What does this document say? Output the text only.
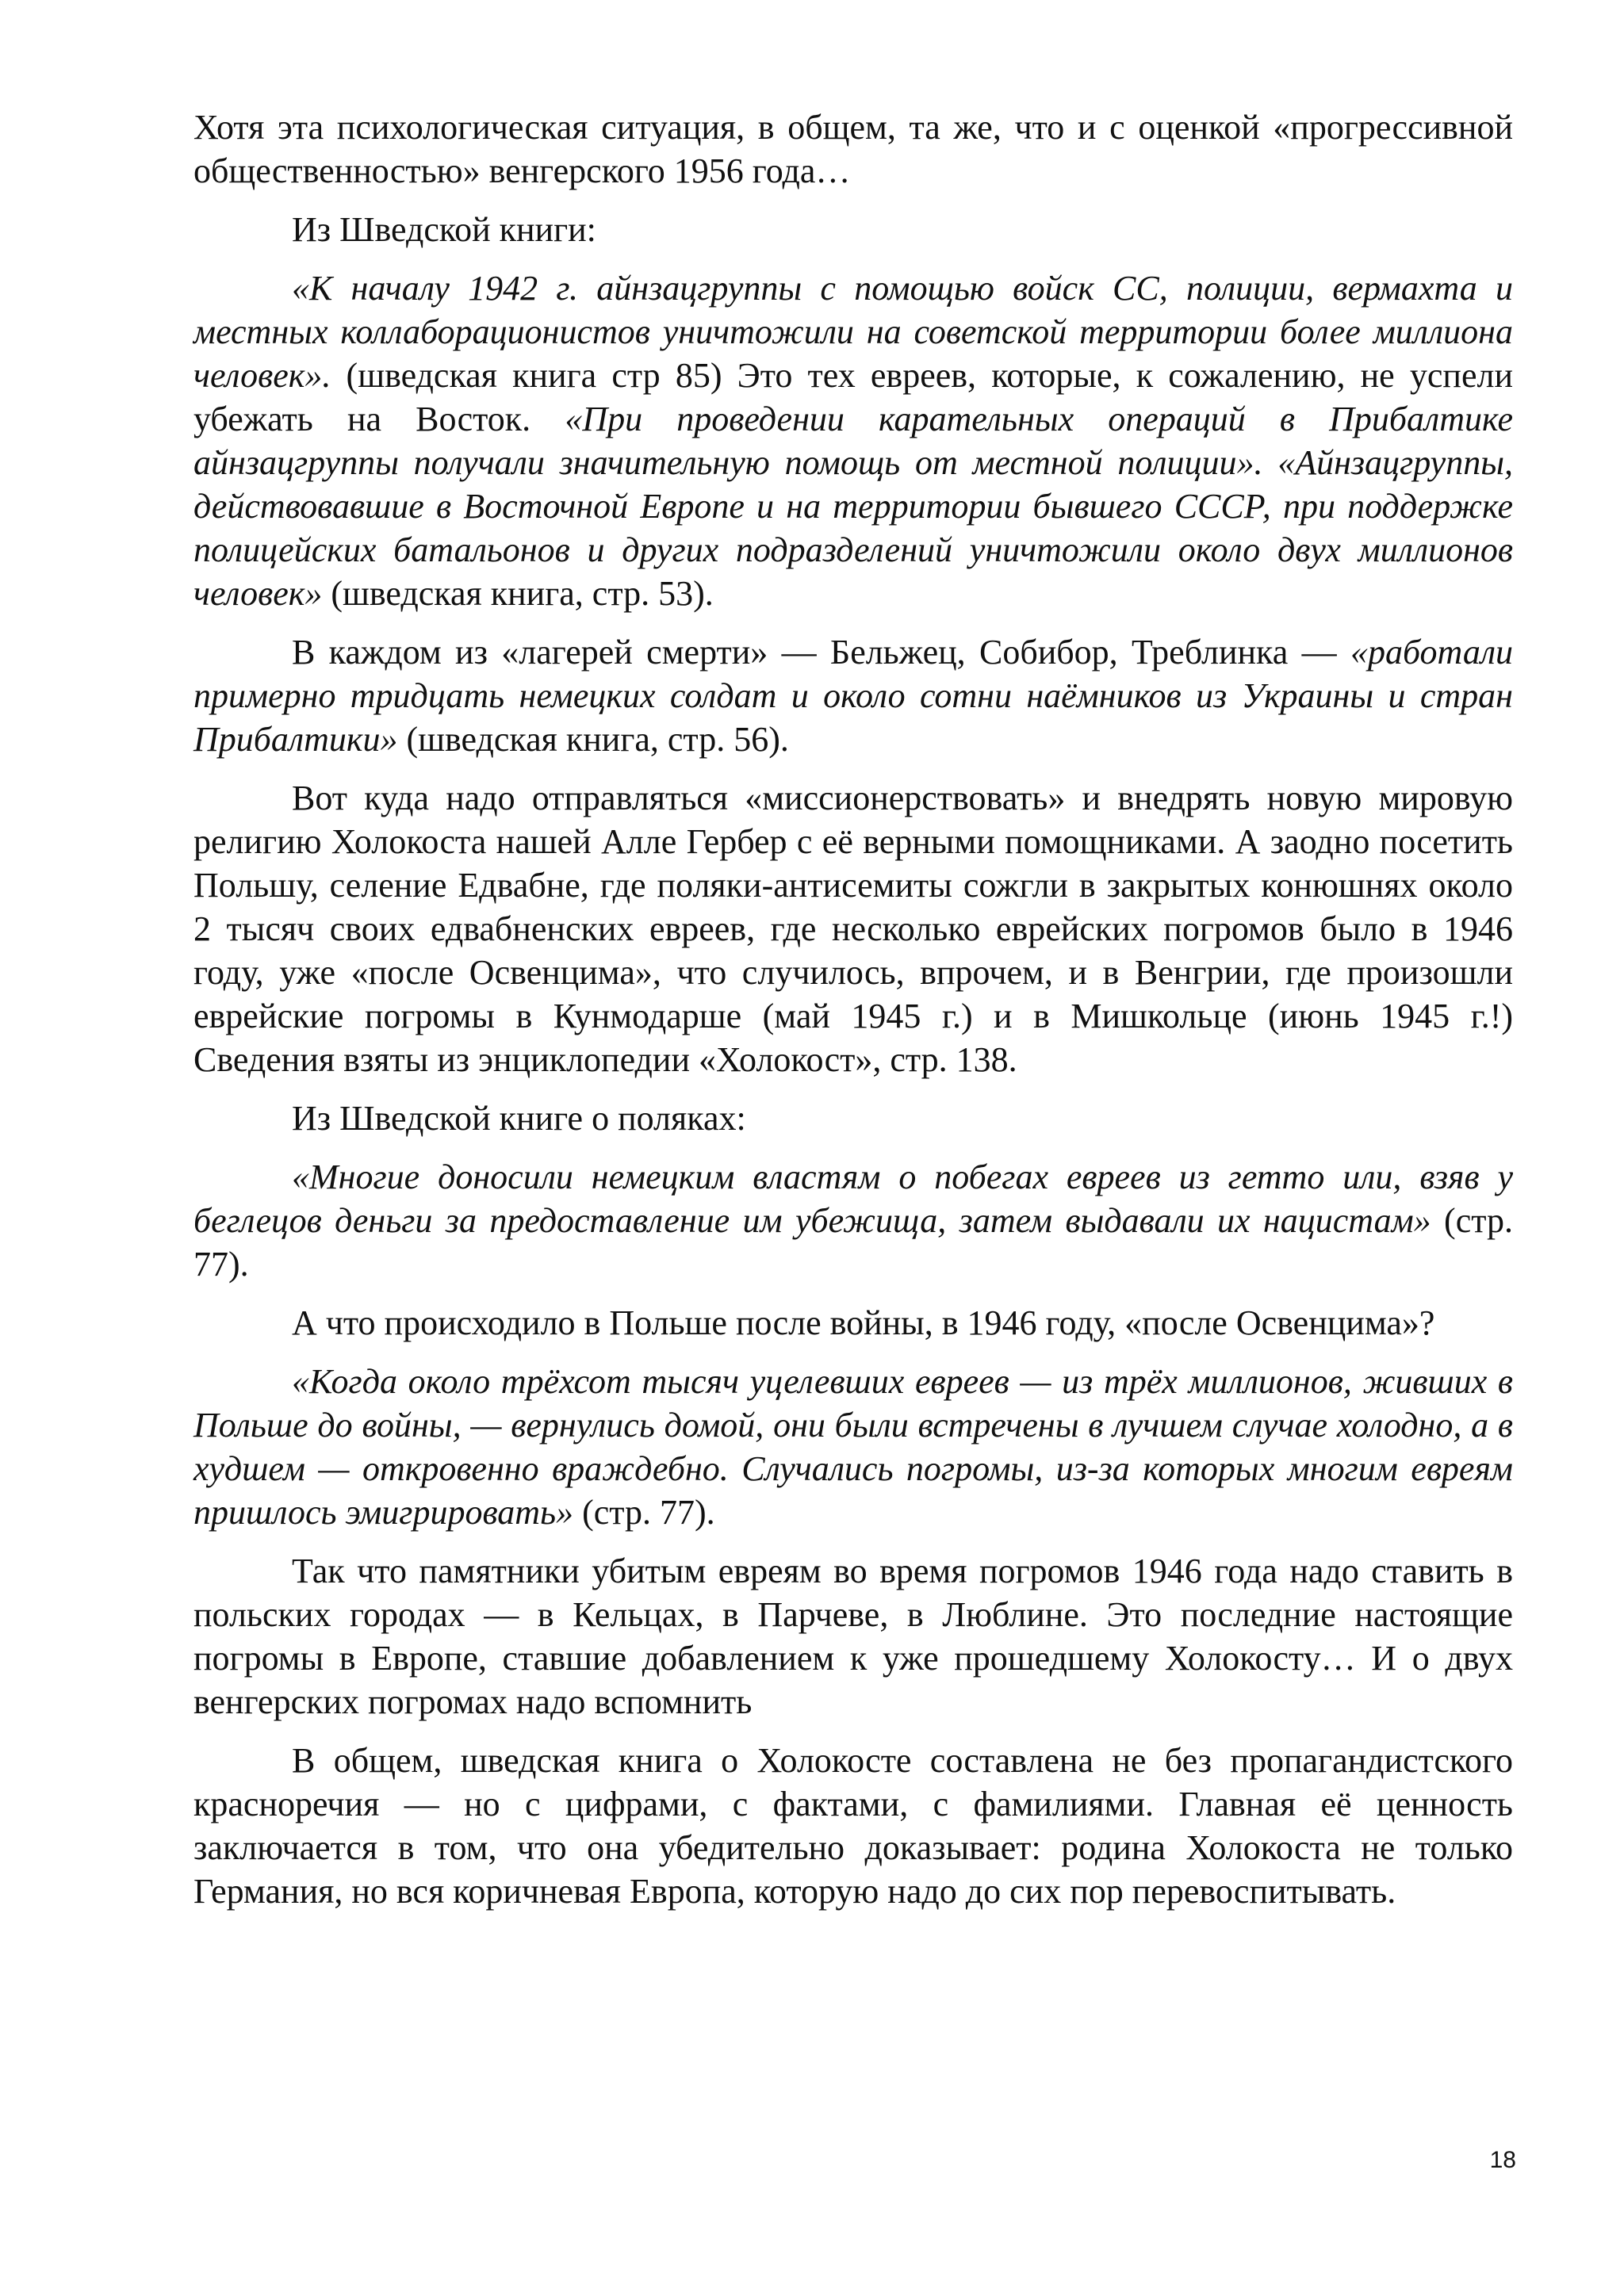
Хотя эта психологическая ситуация, в общем, та же, что и с оценкой «прогрессивной общественностью» венгерского 1956 года…

Из Шведской книги:

«К началу 1942 г. айнзацгруппы с помощью войск СС, полиции, вермахта и местных коллаборационистов уничтожили на советской территории более миллиона человек». (шведская книга стр 85) Это тех евреев, которые, к сожалению, не успели убежать на Восток. «При проведении карательных операций в Прибалтике айнзацгруппы получали значительную помощь от местной полиции». «Айнзацгруппы, действовавшие в Восточной Европе и на территории бывшего СССР, при поддержке полицейских батальонов и других подразделений уничтожили около двух миллионов человек» (шведская книга, стр. 53).

В каждом из «лагерей смерти» — Бельжец, Собибор, Треблинка — «работали примерно тридцать немецких солдат и около сотни наёмников из Украины и стран Прибалтики» (шведская книга, стр. 56).

Вот куда надо отправляться «миссионерствовать» и внедрять новую мировую религию Холокоста нашей Алле Гербер с её верными помощниками. А заодно посетить Польшу, селение Едвабне, где поляки-антисемиты сожгли в закрытых конюшнях около 2 тысяч своих едвабненских евреев, где несколько еврейских погромов было в 1946 году, уже «после Освенцима», что случилось, впрочем, и в Венгрии, где произошли еврейские погромы в Кунмодарше (май 1945 г.) и в Мишкольце (июнь 1945 г.!) Сведения взяты из энциклопедии «Холокост», стр. 138.

Из Шведской книге о поляках:

«Многие доносили немецким властям о побегах евреев из гетто или, взяв у беглецов деньги за предоставление им убежища, затем выдавали их нацистам» (стр. 77).

А что происходило в Польше после войны, в 1946 году, «после Освенцима»?

«Когда около трёхсот тысяч уцелевших евреев — из трёх миллионов, живших в Польше до войны, — вернулись домой, они были встречены в лучшем случае холодно, а в худшем — откровенно враждебно. Случались погромы, из-за которых многим евреям пришлось эмигрировать» (стр. 77).

Так что памятники убитым евреям во время погромов 1946 года надо ставить в польских городах — в Кельцах, в Парчеве, в Люблине. Это последние настоящие погромы в Европе, ставшие добавлением к уже прошедшему Холокосту… И о двух венгерских погромах надо вспомнить

В общем, шведская книга о Холокосте составлена не без пропагандистского красноречия — но с цифрами, с фактами, с фамилиями. Главная её ценность заключается в том, что она убедительно доказывает: родина Холокоста не только Германия, но вся коричневая Европа, которую надо до сих пор перевоспитывать.

18
